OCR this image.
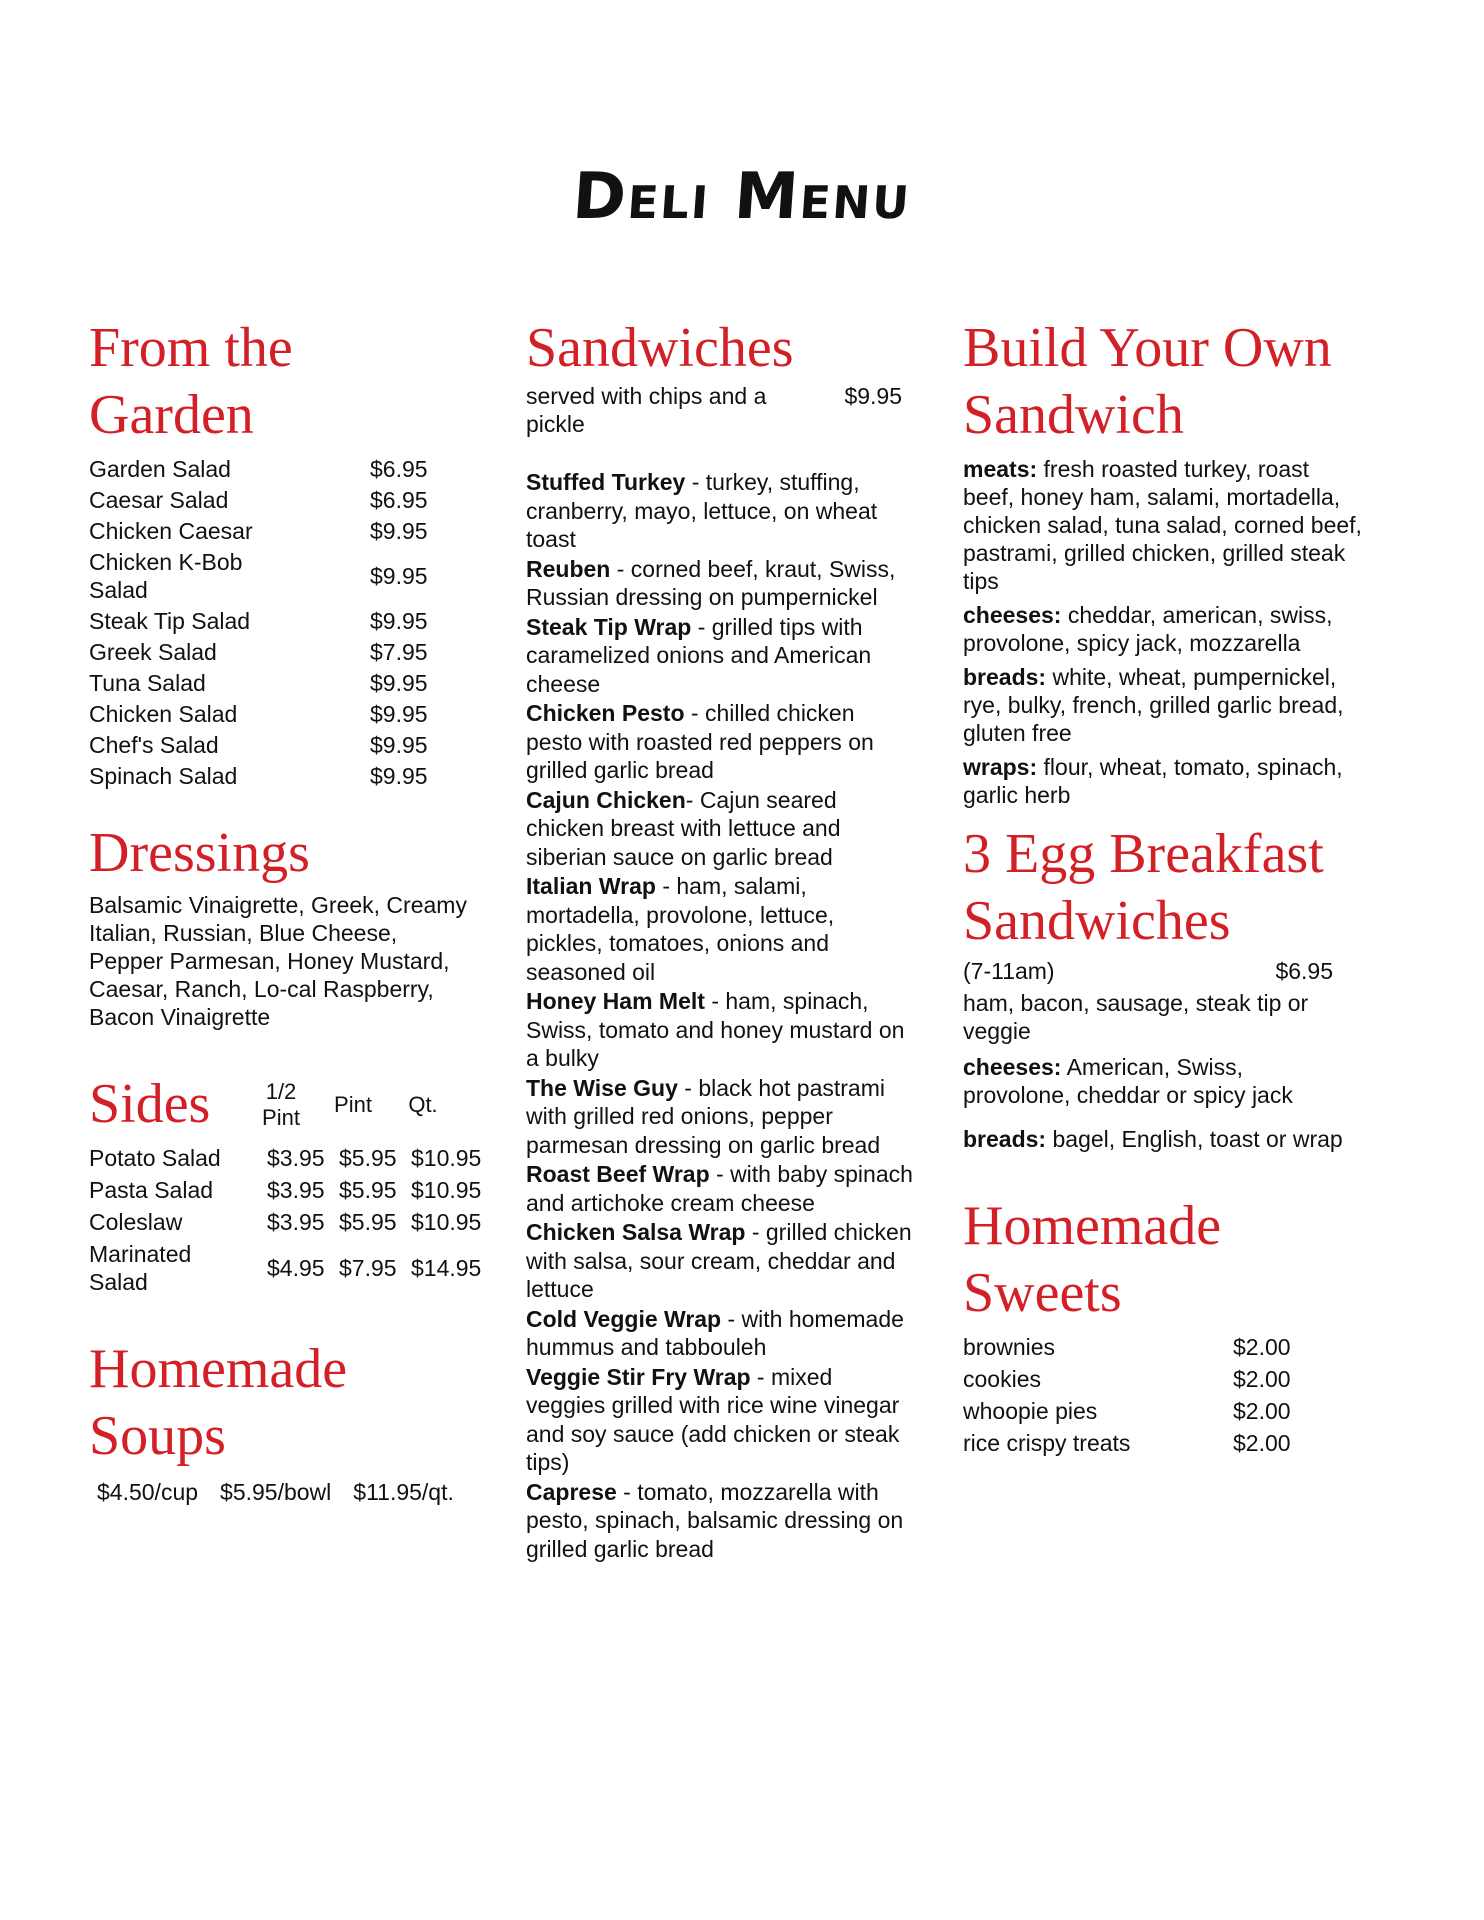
Deli Menu
From the Garden
Garden Salad	$6.95
Caesar Salad	$6.95
Chicken Caesar	$9.95
Chicken K-Bob Salad
$9.95
Steak Tip Salad	$9.95
Greek Salad	$7.95
Tuna Salad	$9.95
Chicken Salad	$9.95
Chef's Salad	$9.95
Spinach Salad	$9.95
Dressings
Balsamic Vinaigrette, Greek, Creamy Italian, Russian, Blue Cheese, Pepper Parmesan, Honey Mustard, Caesar, Ranch, Lo-cal Raspberry, Bacon Vinaigrette
Sides	1/2 Pint
Pint Qt.
Potato Salad	$3.95 $5.95 $10.95
Pasta Salad	$3.95 $5.95 $10.95
Coleslaw	$3.95 $5.95 $10.95
Marinated Salad
$4.95 $7.95 $14.95
Homemade Soups
$4.50/cup $5.95/bowl $11.95/qt.
Sandwiches
served with chips and a pickle
$9.95
Stuffed Turkey - turkey, stuffing, cranberry, mayo, lettuce, on wheat toast
Reuben - corned beef, kraut, Swiss, Russian dressing on pumpernickel
Steak Tip Wrap - grilled tips with caramelized onions and American cheese
Chicken Pesto - chilled chicken pesto with roasted red peppers on grilled garlic bread
Cajun Chicken- Cajun seared chicken breast with lettuce and siberian sauce on garlic bread
Italian Wrap - ham, salami, mortadella, provolone, lettuce, pickles, tomatoes, onions and seasoned oil
Honey Ham Melt - ham, spinach, Swiss, tomato and honey mustard on a bulky
The Wise Guy - black hot pastrami with grilled red onions, pepper parmesan dressing on garlic bread
Roast Beef Wrap - with baby spinach and artichoke cream cheese
Chicken Salsa Wrap - grilled chicken with salsa, sour cream, cheddar and lettuce
Cold Veggie Wrap - with homemade hummus and tabbouleh
Veggie Stir Fry Wrap - mixed veggies grilled with rice wine vinegar and soy sauce (add chicken or steak tips)
Caprese - tomato, mozzarella with pesto, spinach, balsamic dressing on grilled garlic bread
Build Your Own Sandwich
meats: fresh roasted turkey, roast beef, honey ham, salami, mortadella, chicken salad, tuna salad, corned beef, pastrami, grilled chicken, grilled steak tips
cheeses: cheddar, american, swiss, provolone, spicy jack, mozzarella
breads: white, wheat, pumpernickel, rye, bulky, french, grilled garlic bread, gluten free
wraps: flour, wheat, tomato, spinach, garlic herb
3 Egg Breakfast Sandwiches
(7-11am)	$6.95
ham, bacon, sausage, steak tip or veggie
cheeses: American, Swiss, provolone, cheddar or spicy jack
breads: bagel, English, toast or wrap
Homemade Sweets
brownies	$2.00
cookies	$2.00
whoopie pies	$2.00
rice crispy treats	$2.00
